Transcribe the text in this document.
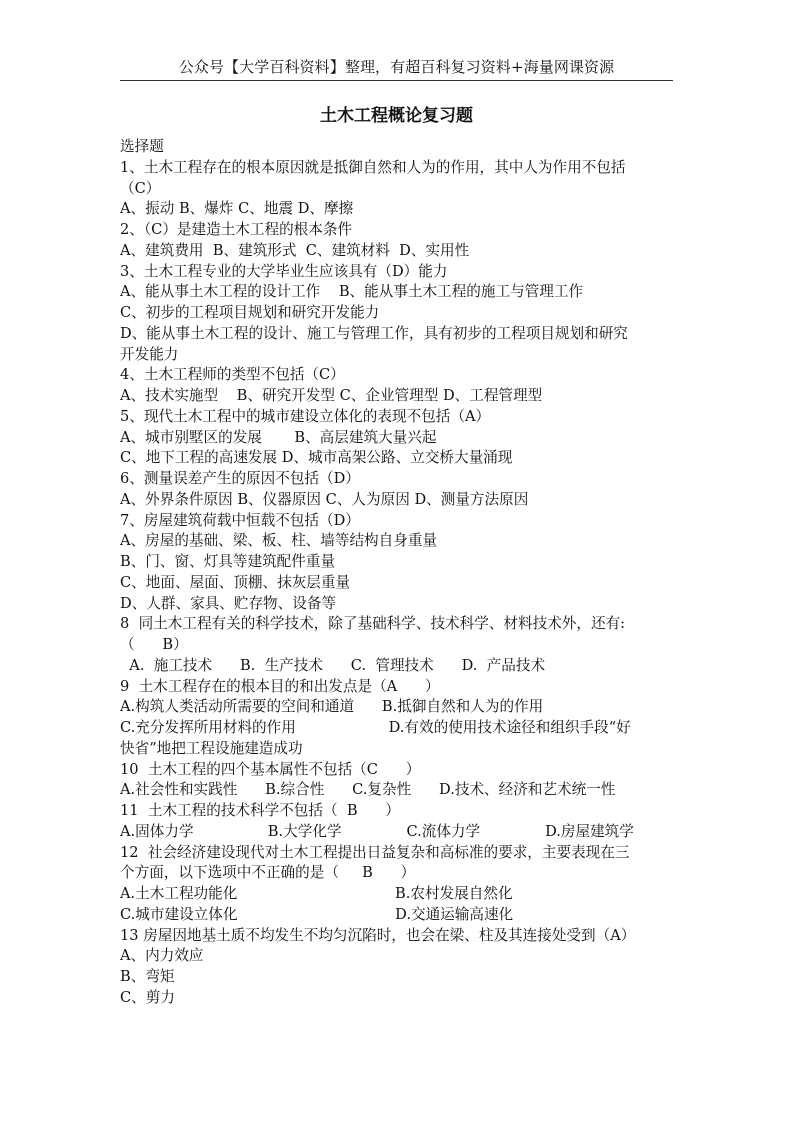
公众号【大学百科资料】整理，有超百科复习资料+海量网课资源
土木工程概论复习题
选择题
1、土木工程存在的根本原因就是抵御自然和人为的作用，其中人为作用不包括
（C）
A、振动 B、爆炸 C、地震 D、摩擦
2、（C）是建造土木工程的根本条件
A、建筑费用  B、建筑形式  C、建筑材料  D、实用性
3、土木工程专业的大学毕业生应该具有（D）能力
A、能从事土木工程的设计工作    B、能从事土木工程的施工与管理工作
C、初步的工程项目规划和研究开发能力
D、能从事土木工程的设计、施工与管理工作，具有初步的工程项目规划和研究
开发能力
4、土木工程师的类型不包括（C）
A、技术实施型    B、研究开发型 C、企业管理型 D、工程管理型
5、现代土木工程中的城市建设立体化的表现不包括（A）
A、城市别墅区的发展       B、高层建筑大量兴起
C、地下工程的高速发展 D、城市高架公路、立交桥大量涌现
6、测量误差产生的原因不包括（D）
A、外界条件原因 B、仪器原因 C、人为原因 D、测量方法原因
7、房屋建筑荷载中恒载不包括（D）
A、房屋的基础、梁、板、柱、墙等结构自身重量
B、门、窗、灯具等建筑配件重量
C、地面、屋面、顶棚、抹灰层重量
D、人群、家具、贮存物、设备等
8  同土木工程有关的科学技术，除了基础科学、技术科学、材料技术外，还有:
（      B）
A.  施工技术      B.  生产技术      C.  管理技术      D.  产品技术
9  土木工程存在的根本目的和出发点是（A      ）
A.构筑人类活动所需要的空间和通道      B.抵御自然和人为的作用
C.充分发挥所用材料的作用                    D.有效的使用技术途径和组织手段“好
快省”地把工程设施建造成功
10  土木工程的四个基本属性不包括（C      ）
A.社会性和实践性      B.综合性      C.复杂性      D.技术、经济和艺术统一性
11  土木工程的技术科学不包括（  B      ）
A.固体力学                B.大学化学              C.流体力学              D.房屋建筑学
12  社会经济建设现代对土木工程提出日益复杂和高标准的要求，主要表现在三
个方面，以下选项中不正确的是（     B      ）
A.土木工程功能化                                  B.农村发展自然化
C.城市建设立体化                                  D.交通运输高速化
13 房屋因地基土质不均发生不均匀沉陷时，也会在梁、柱及其连接处受到（A）
A、内力效应
B、弯矩
C、剪力
